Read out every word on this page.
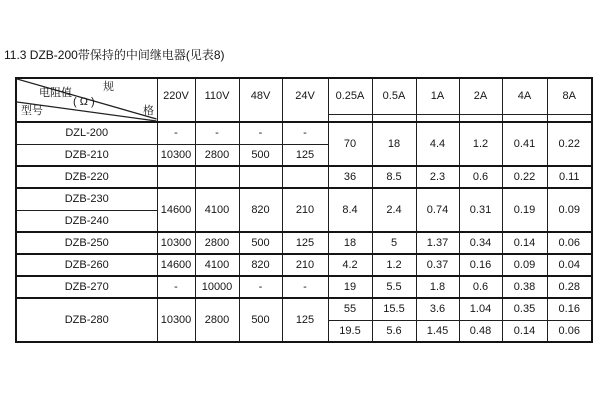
11.3 DZB-200带保持的中间继电器(见表8)
规
格
电阻值
( Ω )
型号	220V	110V	48V	24V	0.25A	0.5A	1A	2A	4A	8A
DZL-200	-	-	-	-	70	18	4.4	1.2	0.41	0.22
DZB-210	10300	2800	500	125						
DZB-220					36	8.5	2.3	0.6	0.22	0.11
DZB-230	14600	4100	820	210	8.4	2.4	0.74	0.31	0.19	0.09
DZB-240										
DZB-250	10300	2800	500	125	18	5	1.37	0.34	0.14	0.06
DZB-260	14600	4100	820	210	4.2	1.2	0.37	0.16	0.09	0.04
DZB-270	-	10000	-	-	19	5.5	1.8	0.6	0.38	0.28
DZB-280	10300	2800	500	125	55	15.5	3.6	1.04	0.35	0.16
					19.5	5.6	1.45	0.48	0.14	0.06
